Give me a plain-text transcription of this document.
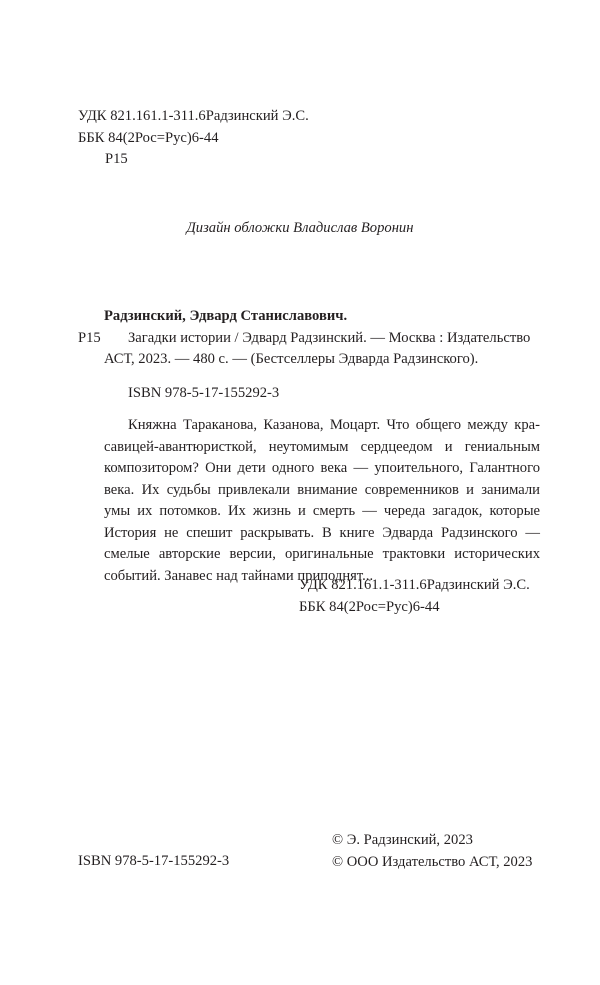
УДК 821.161.1-311.6Радзинский Э.С.
ББК 84(2Рос=Рус)6-44
Р15
Дизайн обложки Владислав Воронин
Р15
Радзинский, Эдвард Станиславович.
Загадки истории / Эдвард Радзинский. — Москва : Издательство
АСТ, 2023. — 480 с. — (Бестселлеры Эдварда Радзинского).
ISBN 978-5-17-155292-3
Княжна Тараканова, Казанова, Моцарт. Что общего между кра-
савицей-авантюристкой, неутомимым сердцеедом и гениальным
композитором? Они дети одного века — упоительного, Галантного
века. Их судьбы привлекали внимание современников и занимали
умы их потомков. Их жизнь и смерть — череда загадок, которые
История не спешит раскрывать. В книге Эдварда Радзинского —
смелые авторские версии, оригинальные трактовки исторических
событий. Занавес над тайнами приподнят...
УДК 821.161.1-311.6Радзинский Э.С.
ББК 84(2Рос=Рус)6-44
© Э. Радзинский, 2023
© ООО Издательство АСТ, 2023
ISBN 978-5-17-155292-3
